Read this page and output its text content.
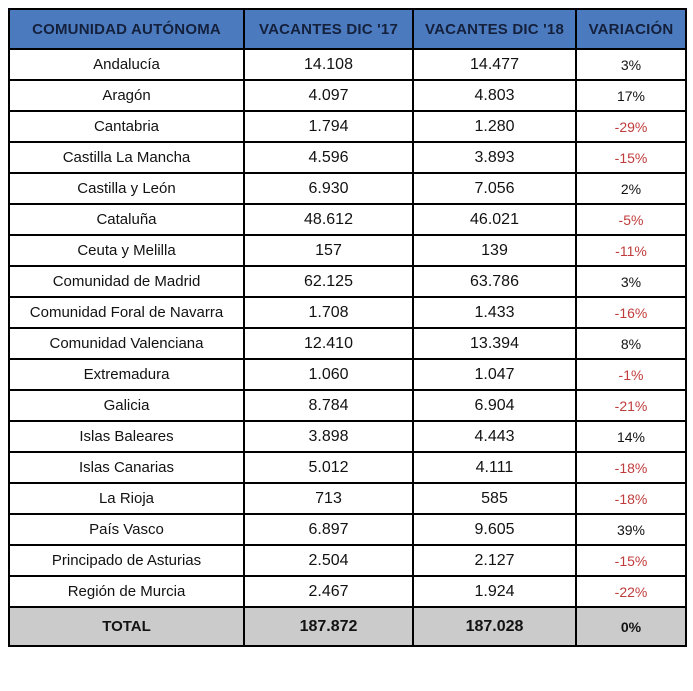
COMUNIDAD AUTÓNOMA	VACANTES DIC '17	VACANTES DIC '18	VARIACIÓN
Andalucía	14.108	14.477	3%
Aragón	4.097	4.803	17%
Cantabria	1.794	1.280	-29%
Castilla La Mancha	4.596	3.893	-15%
Castilla y León	6.930	7.056	2%
Cataluña	48.612	46.021	-5%
Ceuta y Melilla	157	139	-11%
Comunidad de Madrid	62.125	63.786	3%
Comunidad Foral de Navarra	1.708	1.433	-16%
Comunidad Valenciana	12.410	13.394	8%
Extremadura	1.060	1.047	-1%
Galicia	8.784	6.904	-21%
Islas Baleares	3.898	4.443	14%
Islas Canarias	5.012	4.111	-18%
La Rioja	713	585	-18%
País Vasco	6.897	9.605	39%
Principado de Asturias	2.504	2.127	-15%
Región de Murcia	2.467	1.924	-22%
TOTAL	187.872	187.028	0%
